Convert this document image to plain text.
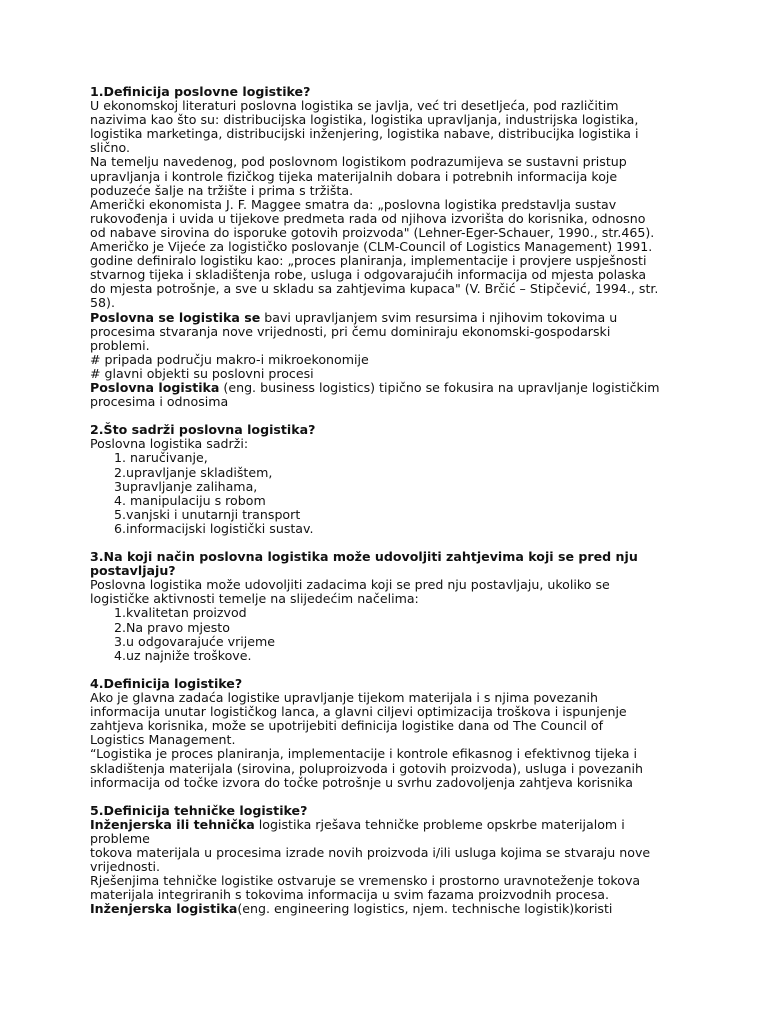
1.Definicija poslovne logistike?
U ekonomskoj literaturi poslovna logistika se javlja, već tri desetljeća, pod različitim
nazivima kao što su: distribucijska logistika, logistika upravljanja, industrijska logistika,
logistika marketinga, distribucijski inženjering, logistika nabave, distribucijka logistika i
slično.
Na temelju navedenog, pod poslovnom logistikom podrazumijeva se sustavni pristup
upravljanja i kontrole fizičkog tijeka materijalnih dobara i potrebnih informacija koje
poduzeće šalje na tržište i prima s tržišta.
Američki ekonomista J. F. Maggee smatra da: „poslovna logistika predstavlja sustav
rukovođenja i uvida u tijekove predmeta rada od njihova izvorišta do korisnika, odnosno
od nabave sirovina do isporuke gotovih proizvoda" (Lehner-Eger-Schauer, 1990., str.465).
Američko je Vijeće za logističko poslovanje (CLM-Council of Logistics Management) 1991.
godine definiralo logistiku kao: „proces planiranja, implementacije i provjere uspješnosti
stvarnog tijeka i skladištenja robe, usluga i odgovarajućih informacija od mjesta polaska
do mjesta potrošnje, a sve u skladu sa zahtjevima kupaca" (V. Brčić – Stipčević, 1994., str.
58).
Poslovna se logistika se bavi upravljanjem svim resursima i njihovim tokovima u
procesima stvaranja nove vrijednosti, pri čemu dominiraju ekonomski-gospodarski
problemi.
# pripada području makro-i mikroekonomije
# glavni objekti su poslovni procesi
Poslovna logistika (eng. business logistics) tipično se fokusira na upravljanje logističkim
procesima i odnosima
2.Što sadrži poslovna logistika?
Poslovna logistika sadrži:
1. naručivanje,
2.upravljanje skladištem,
3upravljanje zalihama,
4. manipulaciju s robom
5.vanjski i unutarnji transport
6.informacijski logistički sustav.
3.Na koji način poslovna logistika može udovoljiti zahtjevima koji se pred nju
postavljaju?
Poslovna logistika može udovoljiti zadacima koji se pred nju postavljaju, ukoliko se
logističke aktivnosti temelje na slijedećim načelima:
1.kvalitetan proizvod
2.Na pravo mjesto
3.u odgovarajuće vrijeme
4.uz najniže troškove.
4.Definicija logistike?
Ako je glavna zadaća logistike upravljanje tijekom materijala i s njima povezanih
informacija unutar logističkog lanca, a glavni ciljevi optimizacija troškova i ispunjenje
zahtjeva korisnika, može se upotrijebiti definicija logistike dana od The Council of
Logistics Management.
“Logistika je proces planiranja, implementacije i kontrole efikasnog i efektivnog tijeka i
skladištenja materijala (sirovina, poluproizvoda i gotovih proizvoda), usluga i povezanih
informacija od točke izvora do točke potrošnje u svrhu zadovoljenja zahtjeva korisnika
5.Definicija tehničke logistike?
Inženjerska ili tehnička logistika rješava tehničke probleme opskrbe materijalom i
probleme
tokova materijala u procesima izrade novih proizvoda i/ili usluga kojima se stvaraju nove
vrijednosti.
Rješenjima tehničke logistike ostvaruje se vremensko i prostorno uravnoteženje tokova
materijala integriranih s tokovima informacija u svim fazama proizvodnih procesa.
Inženjerska logistika(eng. engineering logistics, njem. technische logistik)koristi
